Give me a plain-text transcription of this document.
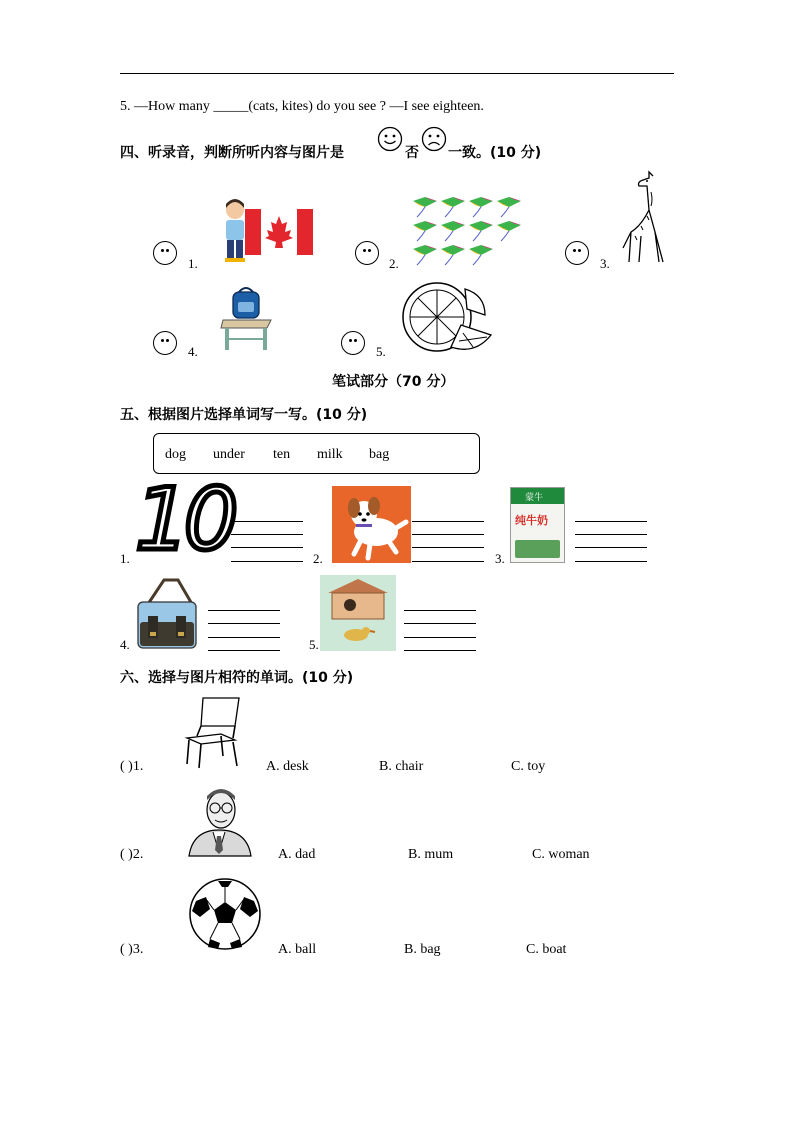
5. —How many _____(cats, kites) do you see ? —I see eighteen.
四、听录音，判断所听内容与图片是	否 一致。(10 分)
1.	2.	3.
4.	5.
笔试部分（70 分）
五、根据图片选择单词写一写。(10 分)
dog under ten milk bag
1. 10	2.	3.
蒙牛
纯牛奶
4.	5.
六、选择与图片相符的单词。(10 分)
( )1.	A. desk	B. chair	C. toy
( )2.	A. dad	B. mum	C. woman
( )3.	A. ball	B. bag	C. boat
